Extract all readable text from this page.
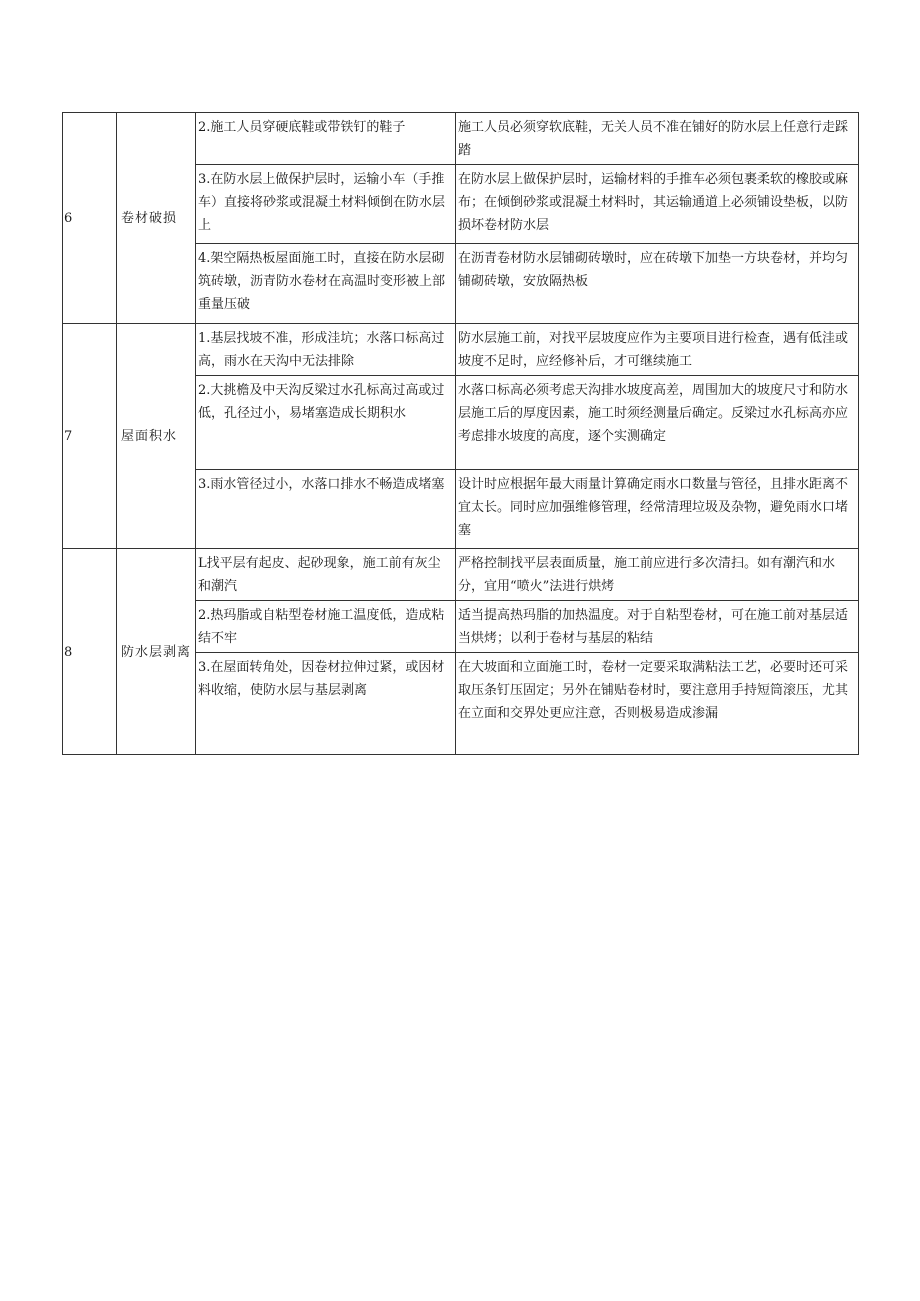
6	卷材破损	2.施工人员穿硬底鞋或带铁钉的鞋子	施工人员必须穿软底鞋，无关人员不准在铺好的防水层上任意行走踩踏
		3.在防水层上做保护层时，运输小车（手推车）直接将砂浆或混凝土材料倾倒在防水层上	在防水层上做保护层时，运输材料的手推车必须包裹柔软的橡胶或麻布；在倾倒砂浆或混凝土材料时，其运输通道上必须铺设垫板，以防损坏卷材防水层
		4.架空隔热板屋面施工时，直接在防水层砌筑砖墩，沥青防水卷材在高温时变形被上部重量压破	在沥青卷材防水层铺砌砖墩时，应在砖墩下加垫一方块卷材，并均匀铺砌砖墩，安放隔热板
7	屋面积水	1.基层找坡不准，形成洼坑；水落口标高过高，雨水在天沟中无法排除	防水层施工前，对找平层坡度应作为主要项目进行检查，遇有低洼或坡度不足时，应经修补后，才可继续施工
		2.大挑檐及中天沟反梁过水孔标高过高或过低，孔径过小，易堵塞造成长期积水	水落口标高必须考虑天沟排水坡度高差，周围加大的坡度尺寸和防水层施工后的厚度因素，施工时须经测量后确定。反梁过水孔标高亦应考虑排水坡度的高度，逐个实测确定
		3.雨水管径过小，水落口排水不畅造成堵塞	设计时应根据年最大雨量计算确定雨水口数量与管径，且排水距离不宜太长。同时应加强维修管理，经常清理垃圾及杂物，避免雨水口堵塞
8	防水层剥离	L找平层有起皮、起砂现象，施工前有灰尘和潮汽	严格控制找平层表面质量，施工前应进行多次清扫。如有潮汽和水分，宜用“喷火”法进行烘烤
		2.热玛脂或自粘型卷材施工温度低，造成粘结不牢	适当提高热玛脂的加热温度。对于自粘型卷材，可在施工前对基层适当烘烤；以利于卷材与基层的粘结
		3.在屋面转角处，因卷材拉伸过紧，或因材料收缩，使防水层与基层剥离	在大坡面和立面施工时，卷材一定要采取满粘法工艺，必要时还可采取压条钉压固定；另外在铺贴卷材时，要注意用手持短筒滚压，尤其在立面和交界处更应注意，否则极易造成渗漏
